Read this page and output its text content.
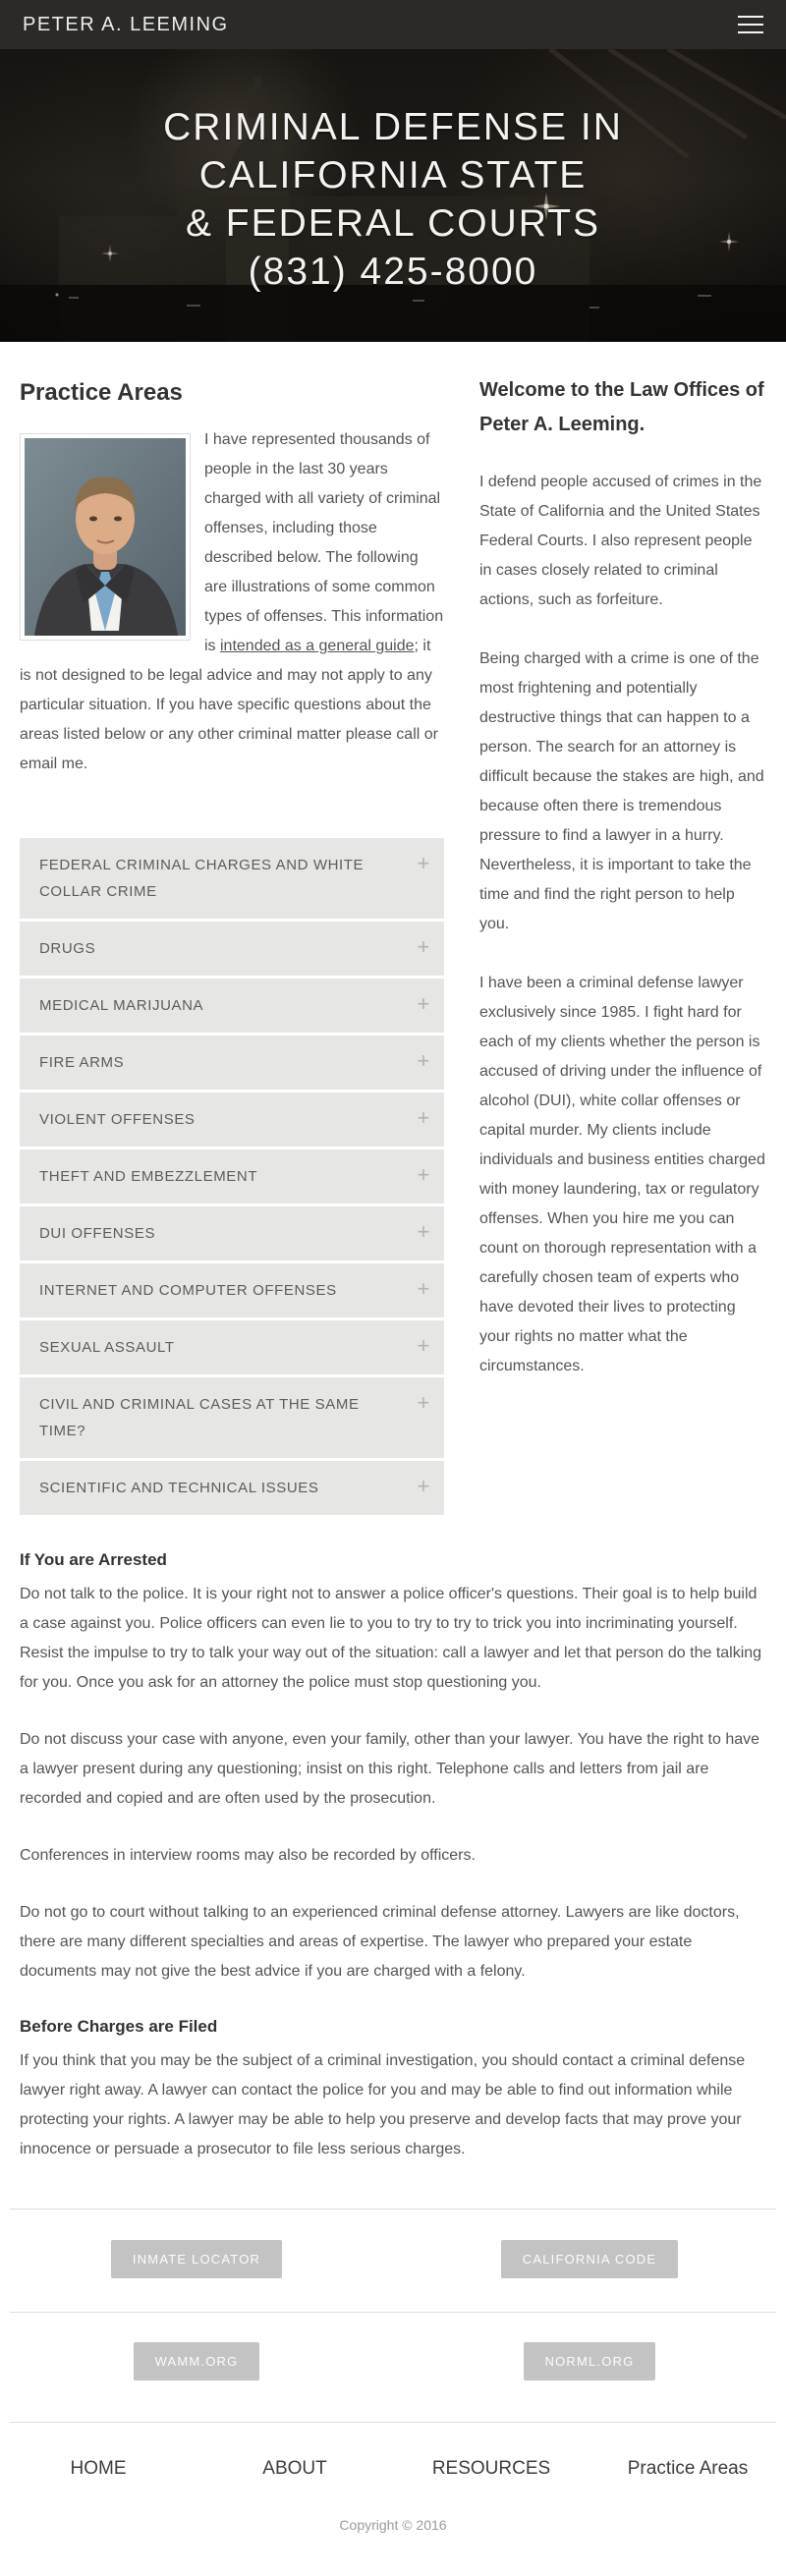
PETER A. LEEMING
CRIMINAL DEFENSE IN
CALIFORNIA STATE
& FEDERAL COURTS
(831) 425-8000
Practice Areas
I have represented thousands of people in the last 30 years charged with all variety of criminal offenses, including those described below. The following are illustrations of some common types of offenses. This information is intended as a general guide; it is not designed to be legal advice and may not apply to any particular situation. If you have specific questions about the areas listed below or any other criminal matter please call or email me.
FEDERAL CRIMINAL CHARGES AND WHITE COLLAR CRIME
+
DRUGS	+
MEDICAL MARIJUANA	+
FIRE ARMS	+
VIOLENT OFFENSES	+
THEFT AND EMBEZZLEMENT	+
DUI OFFENSES	+
INTERNET AND COMPUTER OFFENSES	+
SEXUAL ASSAULT	+
CIVIL AND CRIMINAL CASES AT THE SAME TIME?
+
SCIENTIFIC AND TECHNICAL ISSUES	+
Welcome to the Law Offices of Peter A. Leeming.

I defend people accused of crimes in the State of California and the United States Federal Courts. I also represent people in cases closely related to criminal actions, such as forfeiture.

Being charged with a crime is one of the most frightening and potentially destructive things that can happen to a person. The search for an attorney is difficult because the stakes are high, and because often there is tremendous pressure to find a lawyer in a hurry. Nevertheless, it is important to take the time and find the right person to help you.

I have been a criminal defense lawyer exclusively since 1985. I fight hard for each of my clients whether the person is accused of driving under the influence of alcohol (DUI), white collar offenses or capital murder. My clients include individuals and business entities charged with money laundering, tax or regulatory offenses. When you hire me you can count on thorough representation with a carefully chosen team of experts who have devoted their lives to protecting your rights no matter what the circumstances.

If You are Arrested

Do not talk to the police. It is your right not to answer a police officer's questions. Their goal is to help build a case against you. Police officers can even lie to you to try to try to trick you into incriminating yourself. Resist the impulse to try to talk your way out of the situation: call a lawyer and let that person do the talking for you. Once you ask for an attorney the police must stop questioning you.

Do not discuss your case with anyone, even your family, other than your lawyer. You have the right to have a lawyer present during any questioning; insist on this right. Telephone calls and letters from jail are recorded and copied and are often used by the prosecution.

Conferences in interview rooms may also be recorded by officers.

Do not go to court without talking to an experienced criminal defense attorney. Lawyers are like doctors, there are many different specialties and areas of expertise. The lawyer who prepared your estate documents may not give the best advice if you are charged with a felony.

Before Charges are Filed

If you think that you may be the subject of a criminal investigation, you should contact a criminal defense lawyer right away. A lawyer can contact the police for you and may be able to find out information while protecting your rights. A lawyer may be able to help you preserve and develop facts that may prove your innocence or persuade a prosecutor to file less serious charges.

INMATE LOCATOR	CALIFORNIA CODE
WAMM.ORG	NORML.ORG
HOME	ABOUT	RESOURCES	Practice Areas
Copyright © 2016
